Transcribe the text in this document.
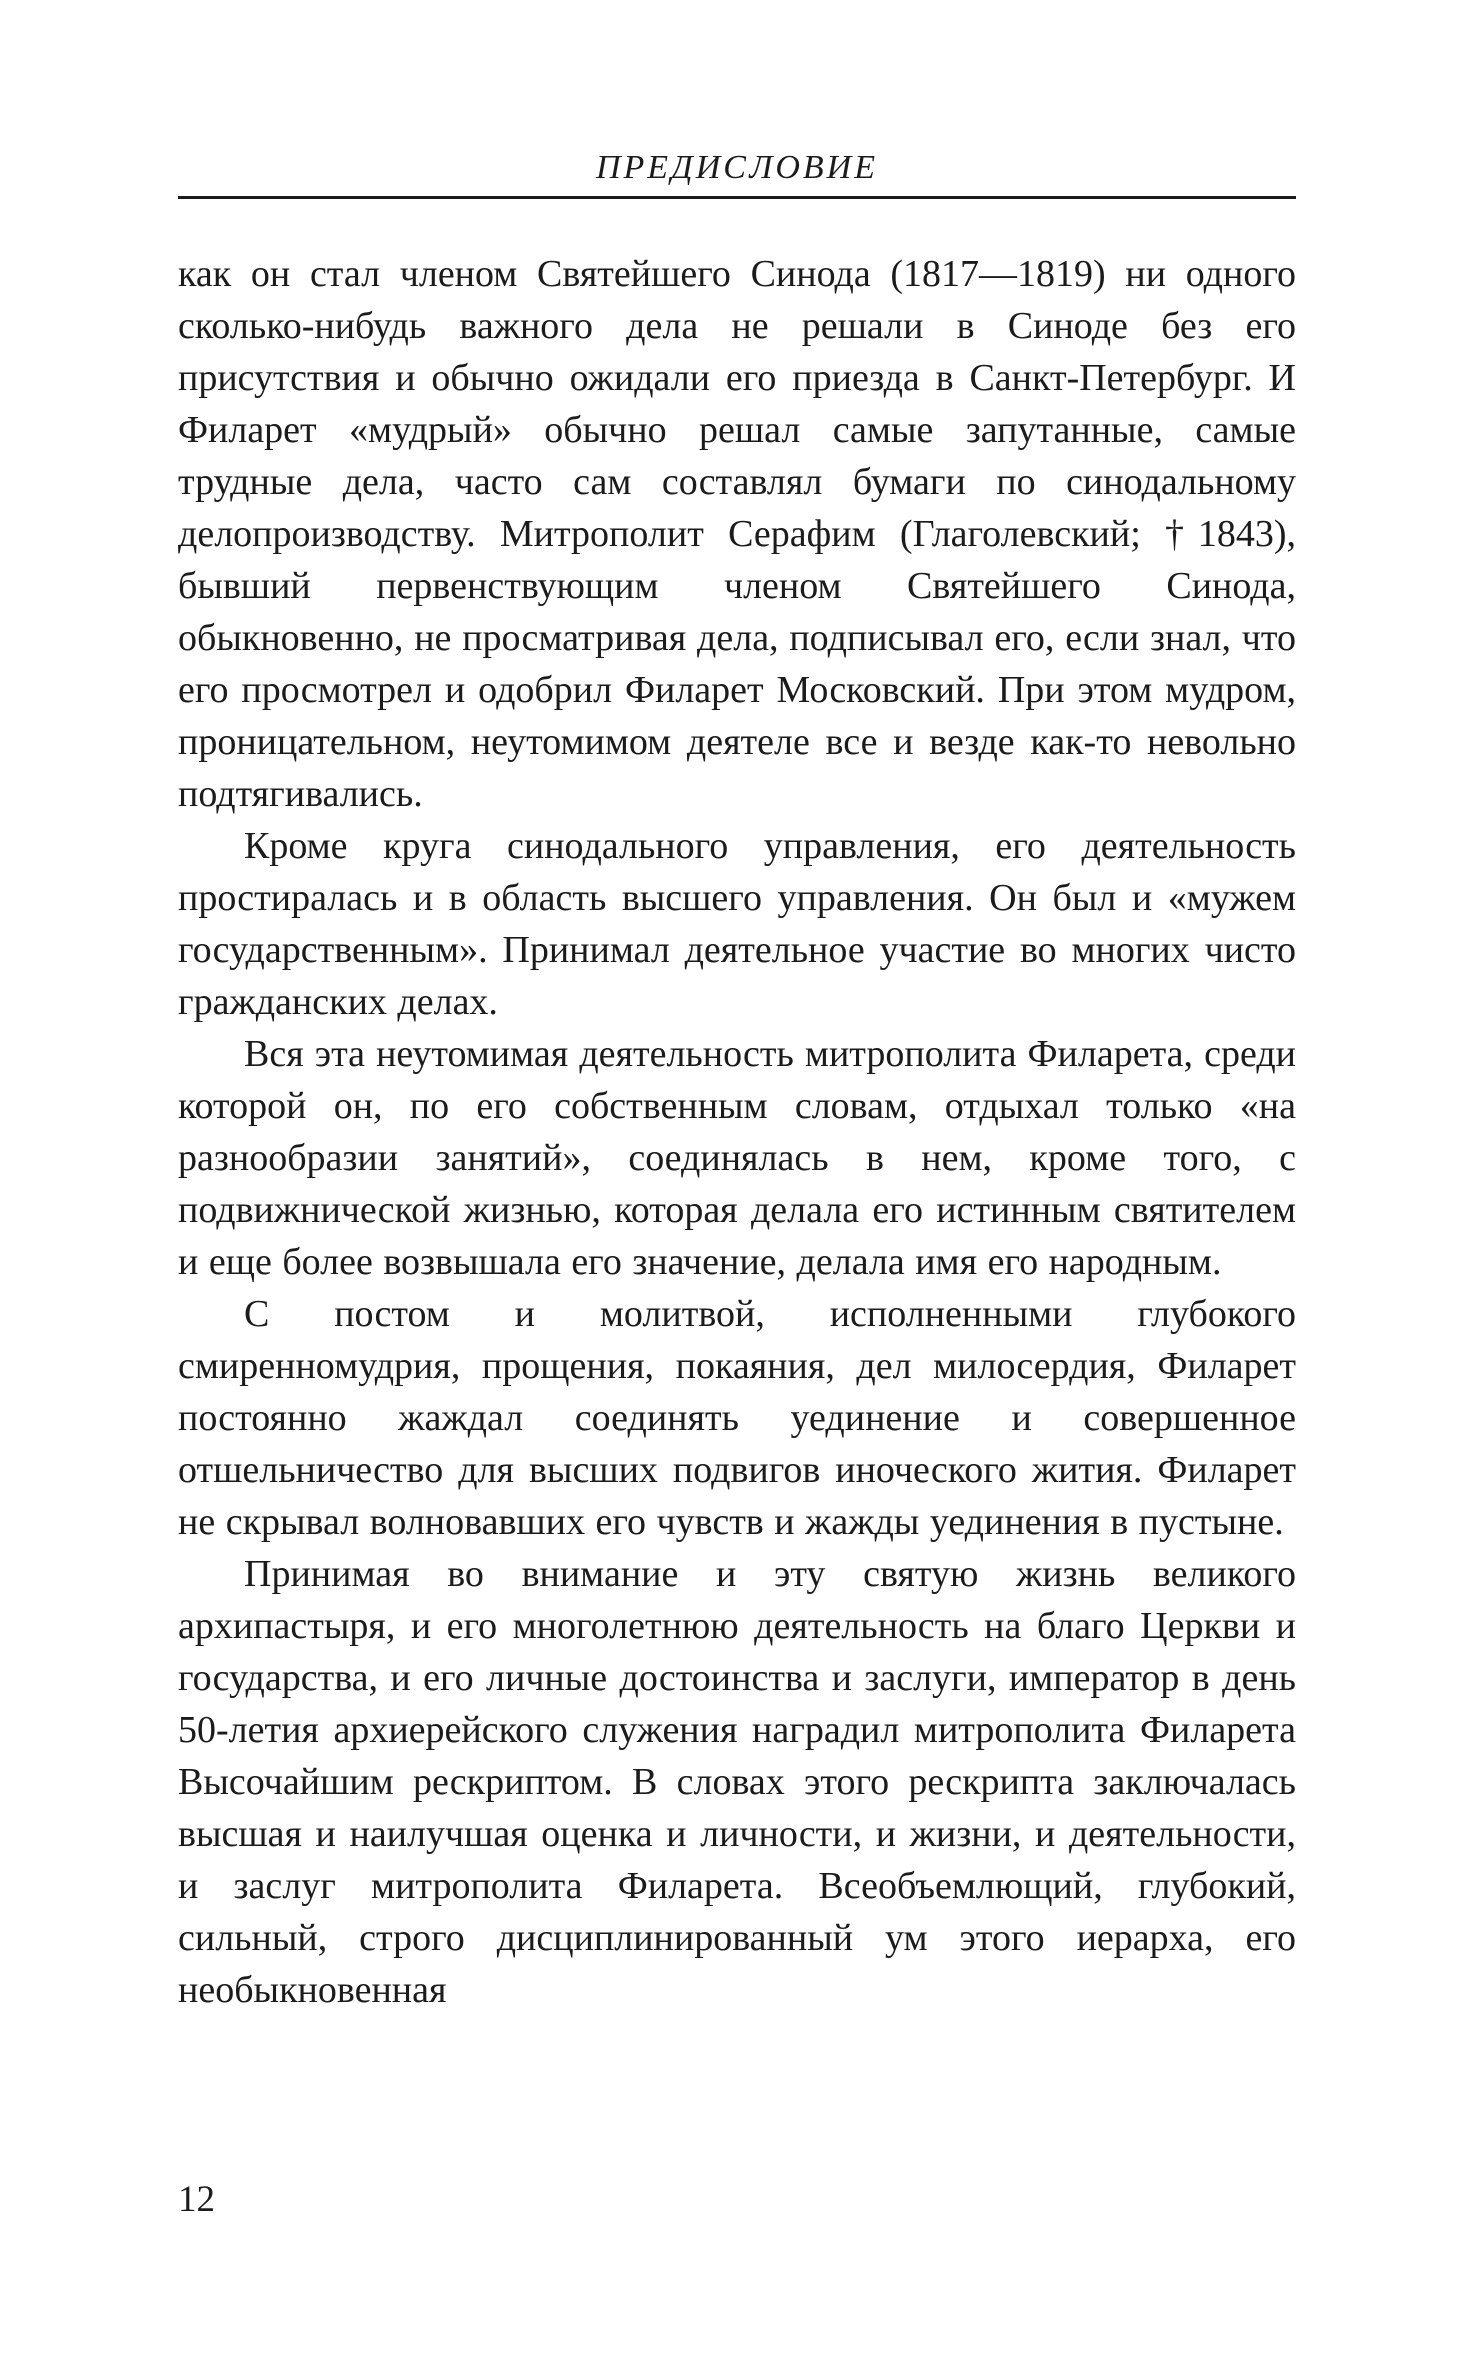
ПРЕДИСЛОВИЕ

как он стал членом Святейшего Синода (1817—1819) ни одного сколько-нибудь важного дела не решали в Синоде без его присутствия и обычно ожидали его приезда в Санкт-Петербург. И Филарет «мудрый» обычно решал самые запутанные, самые трудные дела, часто сам составлял бумаги по синодальному делопроизводству. Митрополит Серафим (Глаголевский; †1843), бывший первенствующим членом Святейшего Синода, обыкновенно, не просматривая дела, подписывал его, если знал, что его просмотрел и одобрил Филарет Московский. При этом мудром, проницательном, неутомимом деятеле все и везде как-то невольно подтягивались.

Кроме круга синодального управления, его деятельность простиралась и в область высшего управления. Он был и «мужем государственным». Принимал деятельное участие во многих чисто гражданских делах.

Вся эта неутомимая деятельность митрополита Филарета, среди которой он, по его собственным словам, отдыхал только «на разнообразии занятий», соединялась в нем, кроме того, с подвижнической жизнью, которая делала его истинным святителем и еще более возвышала его значение, делала имя его народным.

С постом и молитвой, исполненными глубокого смиренномудрия, прощения, покаяния, дел милосердия, Филарет постоянно жаждал соединять уединение и совершенное отшельничество для высших подвигов иноческого жития. Филарет не скрывал волновавших его чувств и жажды уединения в пустыне.

Принимая во внимание и эту святую жизнь великого архипастыря, и его многолетнюю деятельность на благо Церкви и государства, и его личные достоинства и заслуги, император в день 50-летия архиерейского служения наградил митрополита Филарета Высочайшим рескриптом. В словах этого рескрипта заключалась высшая и наилучшая оценка и личности, и жизни, и деятельности, и заслуг митрополита Филарета. Всеобъемлющий, глубокий, сильный, строго дисциплинированный ум этого иерарха, его необыкновенная

12
